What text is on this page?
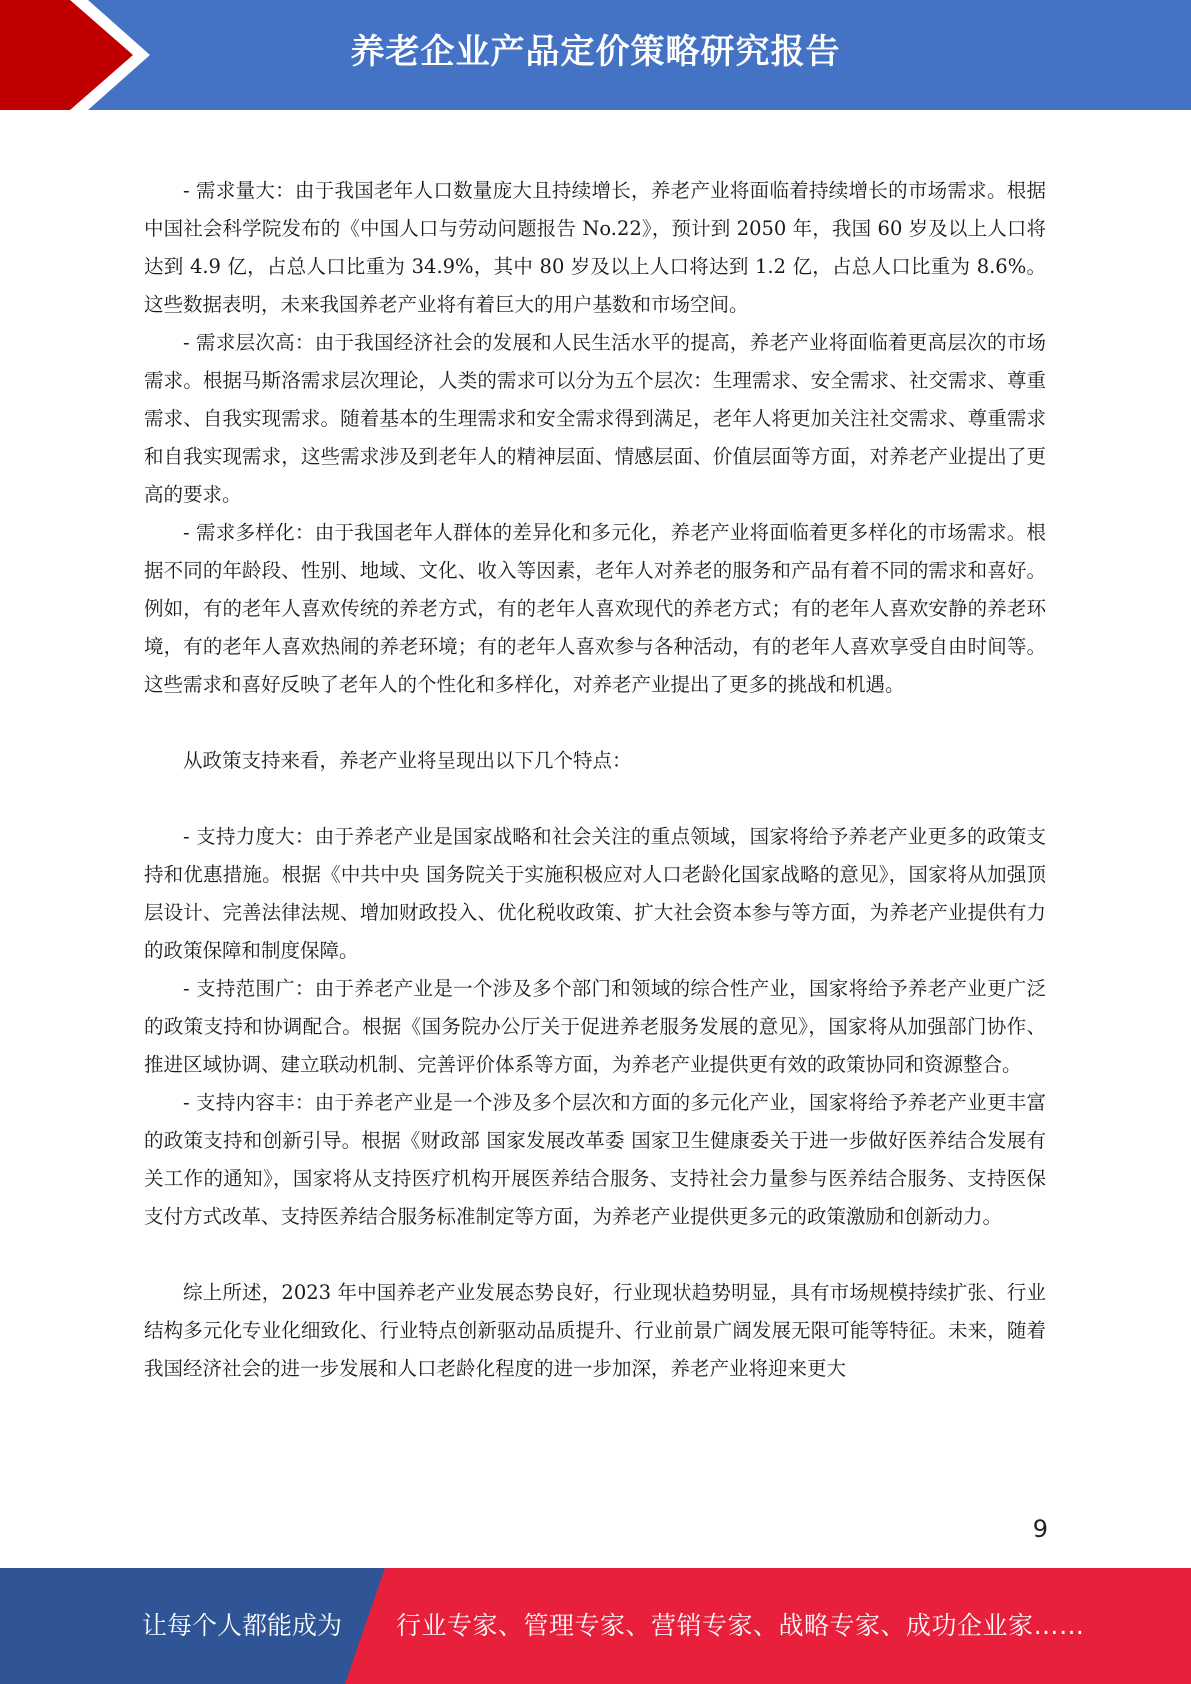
养老企业产品定价策略研究报告

- 需求量大：由于我国老年人口数量庞大且持续增长，养老产业将面临着持续增长的市场需求。根据中国社会科学院发布的《中国人口与劳动问题报告 No.22》，预计到 2050 年，我国 60 岁及以上人口将达到 4.9 亿，占总人口比重为 34.9%，其中 80 岁及以上人口将达到 1.2 亿，占总人口比重为 8.6%。这些数据表明，未来我国养老产业将有着巨大的用户基数和市场空间。

- 需求层次高：由于我国经济社会的发展和人民生活水平的提高，养老产业将面临着更高层次的市场需求。根据马斯洛需求层次理论，人类的需求可以分为五个层次：生理需求、安全需求、社交需求、尊重需求、自我实现需求。随着基本的生理需求和安全需求得到满足，老年人将更加关注社交需求、尊重需求和自我实现需求，这些需求涉及到老年人的精神层面、情感层面、价值层面等方面，对养老产业提出了更高的要求。

- 需求多样化：由于我国老年人群体的差异化和多元化，养老产业将面临着更多样化的市场需求。根据不同的年龄段、性别、地域、文化、收入等因素，老年人对养老的服务和产品有着不同的需求和喜好。例如，有的老年人喜欢传统的养老方式，有的老年人喜欢现代的养老方式；有的老年人喜欢安静的养老环境，有的老年人喜欢热闹的养老环境；有的老年人喜欢参与各种活动，有的老年人喜欢享受自由时间等。这些需求和喜好反映了老年人的个性化和多样化，对养老产业提出了更多的挑战和机遇。

从政策支持来看，养老产业将呈现出以下几个特点：

- 支持力度大：由于养老产业是国家战略和社会关注的重点领域，国家将给予养老产业更多的政策支持和优惠措施。根据《中共中央 国务院关于实施积极应对人口老龄化国家战略的意见》，国家将从加强顶层设计、完善法律法规、增加财政投入、优化税收政策、扩大社会资本参与等方面，为养老产业提供有力的政策保障和制度保障。

- 支持范围广：由于养老产业是一个涉及多个部门和领域的综合性产业，国家将给予养老产业更广泛的政策支持和协调配合。根据《国务院办公厅关于促进养老服务发展的意见》，国家将从加强部门协作、推进区域协调、建立联动机制、完善评价体系等方面，为养老产业提供更有效的政策协同和资源整合。

- 支持内容丰：由于养老产业是一个涉及多个层次和方面的多元化产业，国家将给予养老产业更丰富的政策支持和创新引导。根据《财政部 国家发展改革委 国家卫生健康委关于进一步做好医养结合发展有关工作的通知》，国家将从支持医疗机构开展医养结合服务、支持社会力量参与医养结合服务、支持医保支付方式改革、支持医养结合服务标准制定等方面，为养老产业提供更多元的政策激励和创新动力。

综上所述，2023 年中国养老产业发展态势良好，行业现状趋势明显，具有市场规模持续扩张、行业结构多元化专业化细致化、行业特点创新驱动品质提升、行业前景广阔发展无限可能等特征。未来，随着我国经济社会的进一步发展和人口老龄化程度的进一步加深，养老产业将迎来更大

9
让每个人都能成为 行业专家、管理专家、营销专家、战略专家、成功企业家……
